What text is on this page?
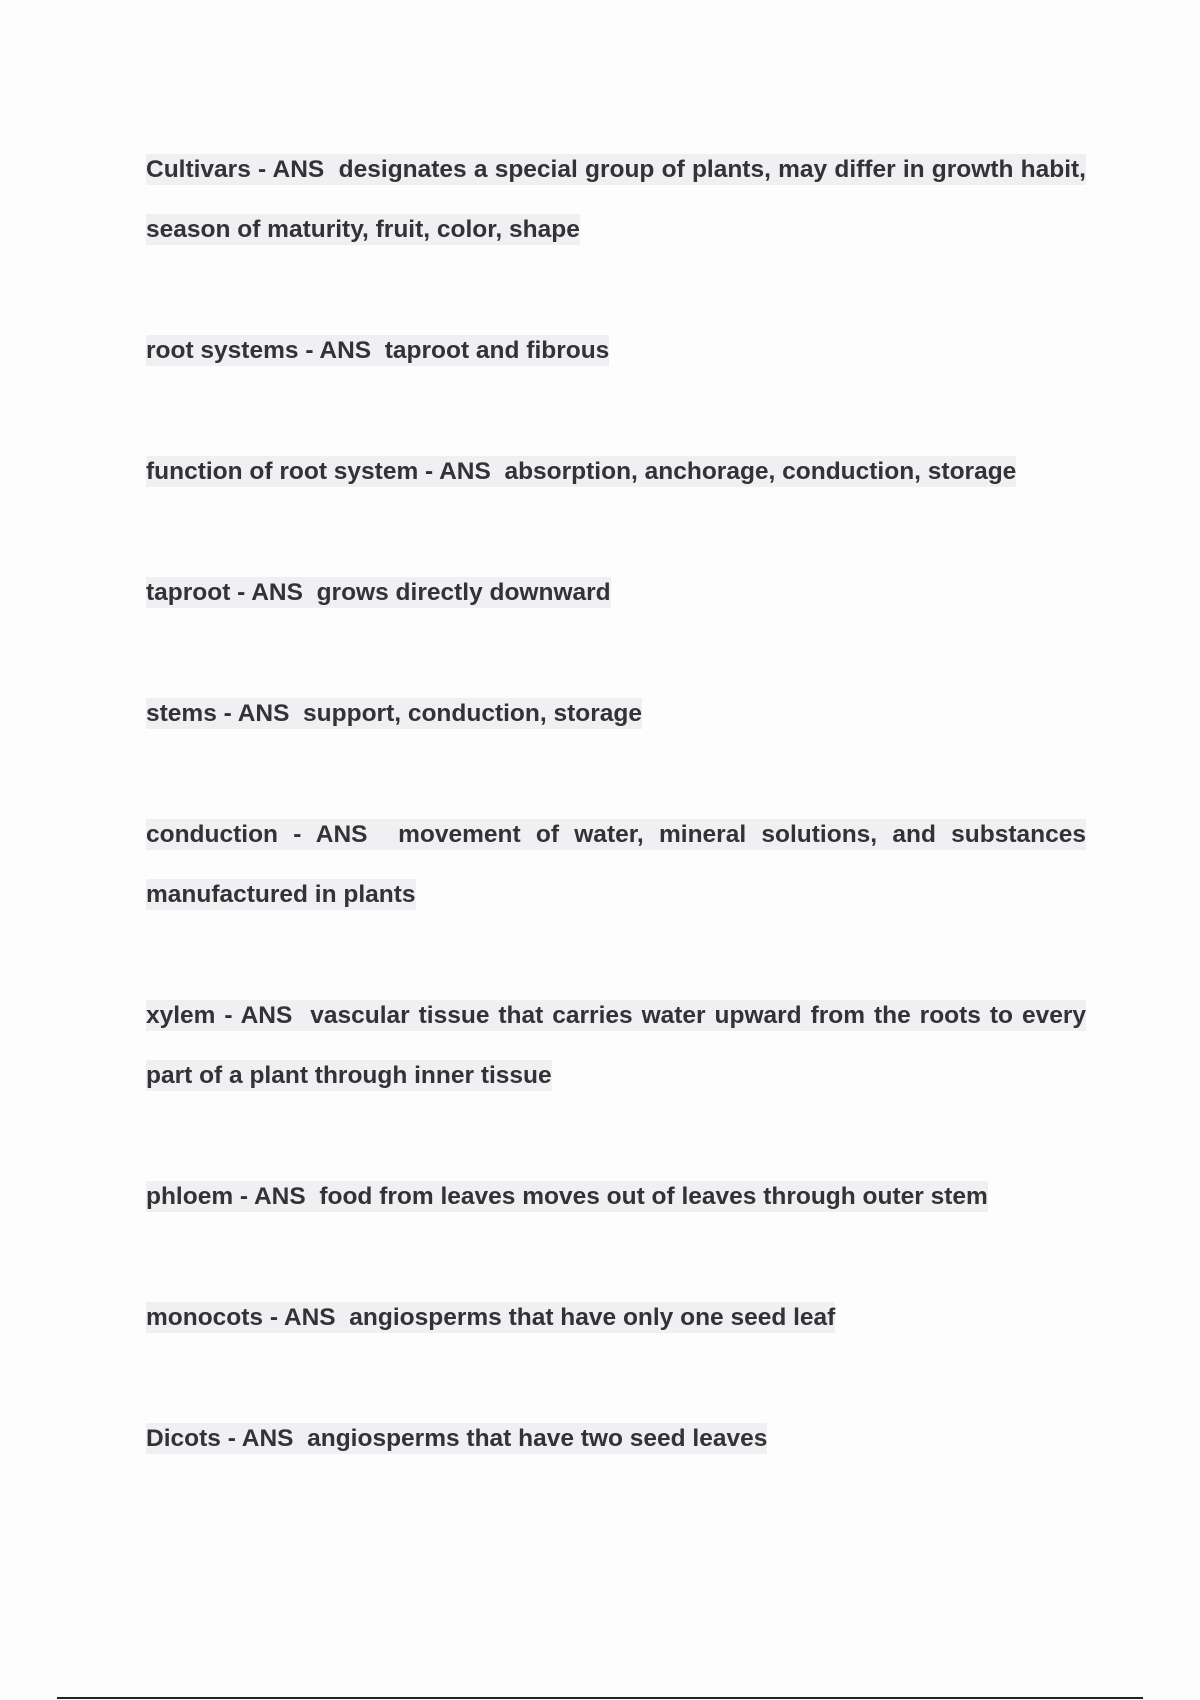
Cultivars - ANS  designates a special group of plants, may differ in growth habit, season of maturity, fruit, color, shape

root systems - ANS  taproot and fibrous

function of root system - ANS  absorption, anchorage, conduction, storage

taproot - ANS  grows directly downward

stems - ANS  support, conduction, storage

conduction - ANS  movement of water, mineral solutions, and substances manufactured in plants

xylem - ANS  vascular tissue that carries water upward from the roots to every part of a plant through inner tissue

phloem - ANS  food from leaves moves out of leaves through outer stem

monocots - ANS  angiosperms that have only one seed leaf

Dicots - ANS  angiosperms that have two seed leaves
